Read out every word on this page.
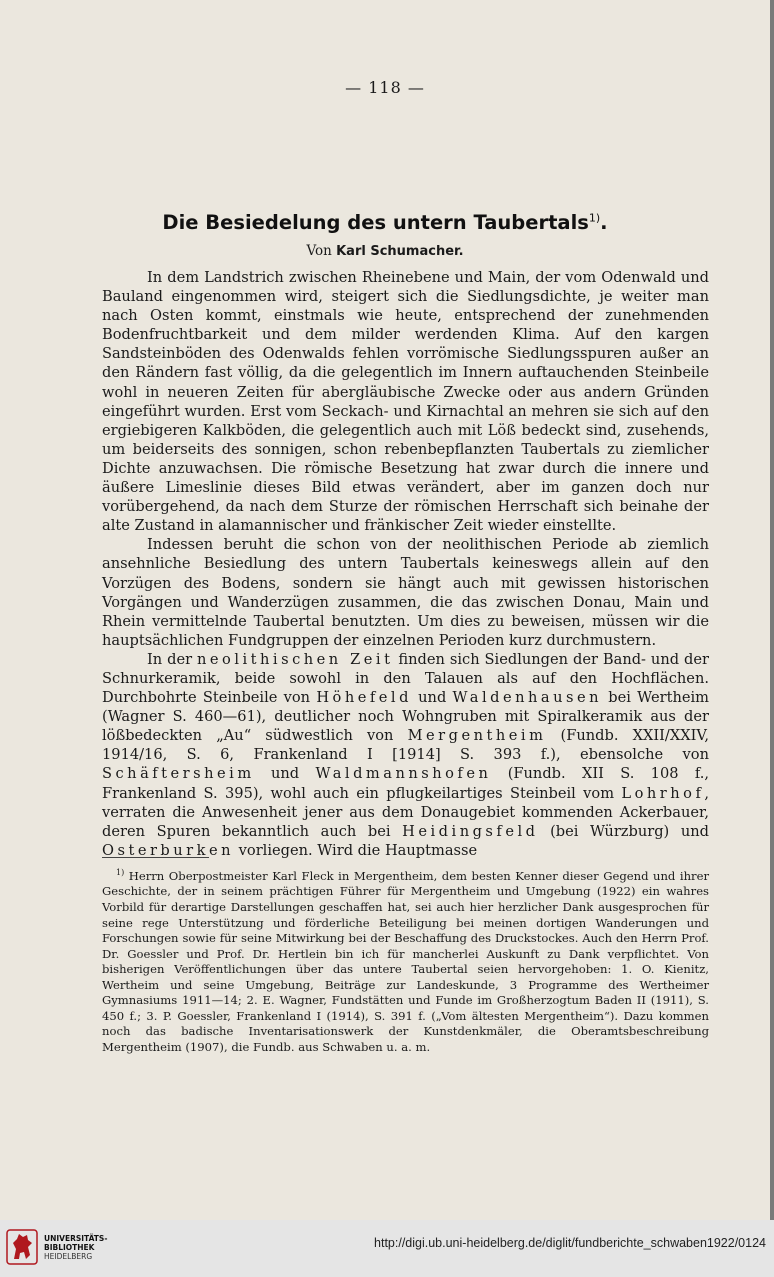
— 118 —
Die Besiedelung des untern Taubertals$^{1)}$.
Von Karl Schumacher.

In dem Landstrich zwischen Rheinebene und Main, der vom Odenwald und Bauland eingenommen wird, steigert sich die Siedlungsdichte, je weiter man nach Osten kommt, einstmals wie heute, entsprechend der zunehmenden Bodenfruchtbarkeit und dem milder werdenden Klima. Auf den kargen Sandsteinböden des Odenwalds fehlen vorrömische Siedlungsspuren außer an den Rändern fast völlig, da die gelegentlich im Innern auftauchenden Steinbeile wohl in neueren Zeiten für abergläubische Zwecke oder aus andern Gründen eingeführt wurden. Erst vom Seckach- und Kirnachtal an mehren sie sich auf den ergiebigeren Kalkböden, die gelegentlich auch mit Löß bedeckt sind, zusehends, um beiderseits des sonnigen, schon rebenbepflanzten Taubertals zu ziemlicher Dichte anzuwachsen. Die römische Besetzung hat zwar durch die innere und äußere Limeslinie dieses Bild etwas verändert, aber im ganzen doch nur vorübergehend, da nach dem Sturze der römischen Herrschaft sich beinahe der alte Zustand in alamannischer und fränkischer Zeit wieder einstellte.

Indessen beruht die schon von der neolithischen Periode ab ziemlich ansehnliche Besiedlung des untern Taubertals keineswegs allein auf den Vorzügen des Bodens, sondern sie hängt auch mit gewissen historischen Vorgängen und Wanderzügen zusammen, die das zwischen Donau, Main und Rhein vermittelnde Taubertal benutzten. Um dies zu beweisen, müssen wir die hauptsächlichen Fundgruppen der einzelnen Perioden kurz durchmustern.

In der neolithischen Zeit finden sich Siedlungen der Band- und der Schnurkeramik, beide sowohl in den Talauen als auf den Hochflächen. Durchbohrte Steinbeile von Höhefeld und Waldenhausen bei Wertheim (Wagner S. 460—61), deutlicher noch Wohngruben mit Spiralkeramik aus der lößbedeckten „Au“ südwestlich von Mergentheim (Fundb. XXII/XXIV, 1914/16, S. 6, Frankenland I [1914] S. 393 f.), ebensolche von Schäftersheim und Waldmannshofen (Fundb. XII S. 108 f., Frankenland S. 395), wohl auch ein pflugkeilartiges Steinbeil vom Lohrhof, verraten die Anwesenheit jener aus dem Donaugebiet kommenden Ackerbauer, deren Spuren bekanntlich auch bei Heidingsfeld (bei Würzburg) und Osterburken vorliegen. Wird die Hauptmasse

$^{1)}$ Herrn Oberpostmeister Karl Fleck in Mergentheim, dem besten Kenner dieser Gegend und ihrer Geschichte, der in seinem prächtigen Führer für Mergentheim und Umgebung (1922) ein wahres Vorbild für derartige Darstellungen geschaffen hat, sei auch hier herzlicher Dank ausgesprochen für seine rege Unterstützung und förderliche Beteiligung bei meinen dortigen Wanderungen und Forschungen sowie für seine Mitwirkung bei der Beschaffung des Druckstockes. Auch den Herrn Prof. Dr. Goessler und Prof. Dr. Hertlein bin ich für mancherlei Auskunft zu Dank verpflichtet. Von bisherigen Veröffentlichungen über das untere Taubertal seien hervorgehoben: 1. O. Kienitz, Wertheim und seine Umgebung, Beiträge zur Landeskunde, 3 Programme des Wertheimer Gymnasiums 1911—14; 2. E. Wagner, Fundstätten und Funde im Großherzogtum Baden II (1911), S. 450 f.; 3. P. Goessler, Frankenland I (1914), S. 391 f. („Vom ältesten Mergentheim“). Dazu kommen noch das badische Inventarisationswerk der Kunstdenkmäler, die Oberamtsbeschreibung Mergentheim (1907), die Fundb. aus Schwaben u. a. m.

UNIVERSITÄTS-
BIBLIOTHEK
HEIDELBERG
http://digi.ub.uni-heidelberg.de/diglit/fundberichte_schwaben1922/0124
